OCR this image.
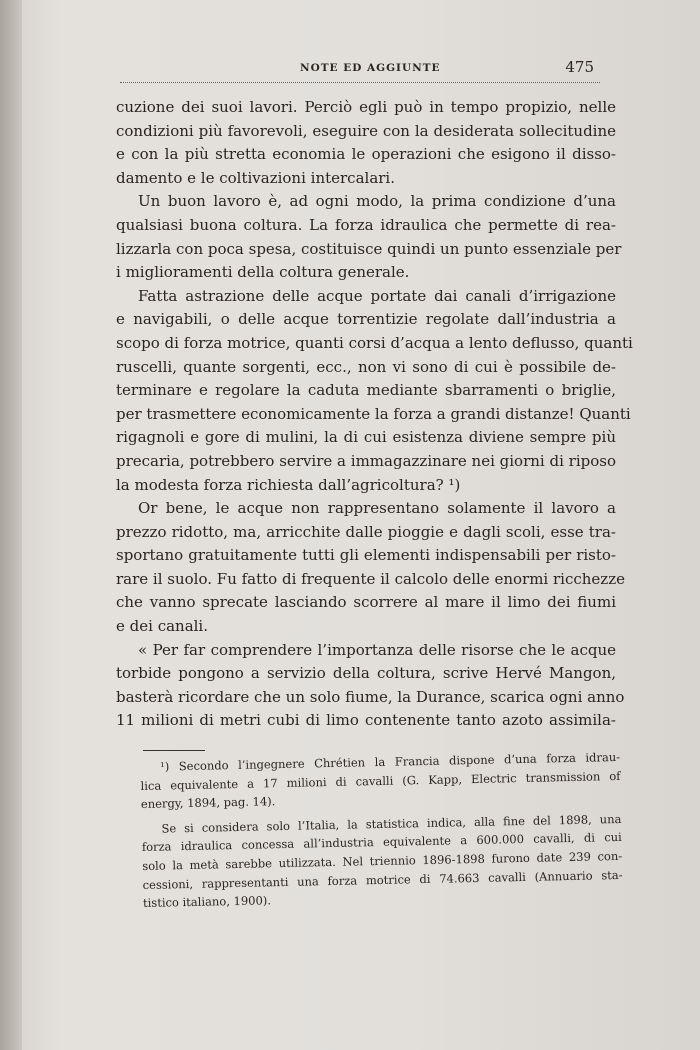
NOTE ED AGGIUNTE	475
cuzione dei suoi lavori. Perciò egli può in tempo propizio, nelle
condizioni più favorevoli, eseguire con la desiderata sollecitudine
e con la più stretta economia le operazioni che esigono il disso-
damento e le coltivazioni intercalari.
Un buon lavoro è, ad ogni modo, la prima condizione d’una
qualsiasi buona coltura. La forza idraulica che permette di rea-
lizzarla con poca spesa, costituisce quindi un punto essenziale per
i miglioramenti della coltura generale.
Fatta astrazione delle acque portate dai canali d’irrigazione
e navigabili, o delle acque torrentizie regolate dall’industria a
scopo di forza motrice, quanti corsi d’acqua a lento deflusso, quanti
ruscelli, quante sorgenti, ecc., non vi sono di cui è possibile de-
terminare e regolare la caduta mediante sbarramenti o briglie,
per trasmettere economicamente la forza a grandi distanze! Quanti
rigagnoli e gore di mulini, la di cui esistenza diviene sempre più
precaria, potrebbero servire a immagazzinare nei giorni di riposo
la modesta forza richiesta dall’agricoltura? ¹)
Or bene, le acque non rappresentano solamente il lavoro a
prezzo ridotto, ma, arricchite dalle pioggie e dagli scoli, esse tra-
sportano gratuitamente tutti gli elementi indispensabili per risto-
rare il suolo. Fu fatto di frequente il calcolo delle enormi ricchezze
che vanno sprecate lasciando scorrere al mare il limo dei fiumi
e dei canali.
« Per far comprendere l’importanza delle risorse che le acque
torbide pongono a servizio della coltura, scrive Hervé Mangon,
basterà ricordare che un solo fiume, la Durance, scarica ogni anno
11 milioni di metri cubi di limo contenente tanto azoto assimila-
¹) Secondo l’ingegnere Chrétien la Francia dispone d’una forza idrau-
lica equivalente a 17 milioni di cavalli (G. Kapp, Electric transmission of
energy, 1894, pag. 14).
Se si considera solo l’Italia, la statistica indica, alla fine del 1898, una
forza idraulica concessa all’industria equivalente a 600.000 cavalli, di cui
solo la metà sarebbe utilizzata. Nel triennio 1896-1898 furono date 239 con-
cessioni, rappresentanti una forza motrice di 74.663 cavalli (Annuario sta-
tistico italiano, 1900).
